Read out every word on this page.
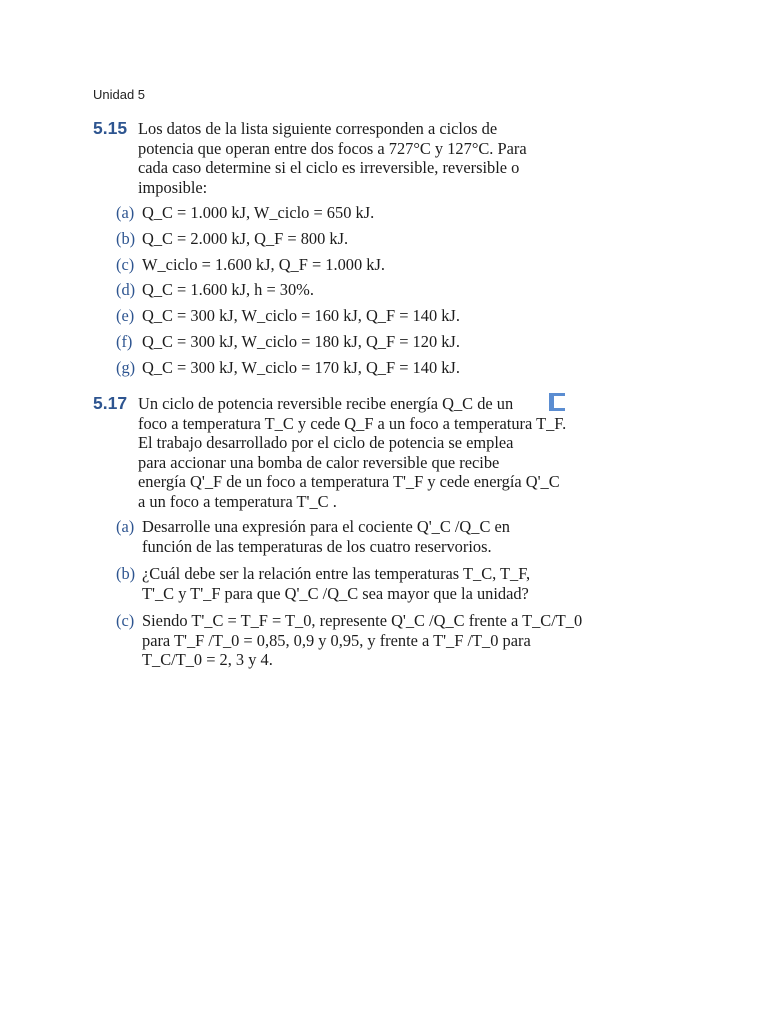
Unidad 5
5.15 Los datos de la lista siguiente corresponden a ciclos de
potencia que operan entre dos focos a 727°C y 127°C. Para
cada caso determine si el ciclo es irreversible, reversible o
imposible:
(a) Q_C = 1.000 kJ, W_ciclo = 650 kJ.
(b) Q_C = 2.000 kJ, Q_F = 800 kJ.
(c) W_ciclo = 1.600 kJ, Q_F = 1.000 kJ.
(d) Q_C = 1.600 kJ, h = 30%.
(e) Q_C = 300 kJ, W_ciclo = 160 kJ, Q_F = 140 kJ.
(f) Q_C = 300 kJ, W_ciclo = 180 kJ, Q_F = 120 kJ.
(g) Q_C = 300 kJ, W_ciclo = 170 kJ, Q_F = 140 kJ.
5.17 Un ciclo de potencia reversible recibe energía Q_C de un
foco a temperatura T_C y cede Q_F a un foco a temperatura T_F.
El trabajo desarrollado por el ciclo de potencia se emplea
para accionar una bomba de calor reversible que recibe
energía Q'_F de un foco a temperatura T'_F y cede energía Q'_C
a un foco a temperatura T'_C .
(a) Desarrolle una expresión para el cociente Q'_C /Q_C en
función de las temperaturas de los cuatro reservorios.
(b) ¿Cuál debe ser la relación entre las temperaturas T_C, T_F,
T'_C y T'_F para que Q'_C /Q_C sea mayor que la unidad?
(c) Siendo T'_C = T_F = T_0, represente Q'_C /Q_C frente a T_C/T_0
para T'_F /T_0 = 0,85, 0,9 y 0,95, y frente a T'_F /T_0 para
T_C/T_0 = 2, 3 y 4.
